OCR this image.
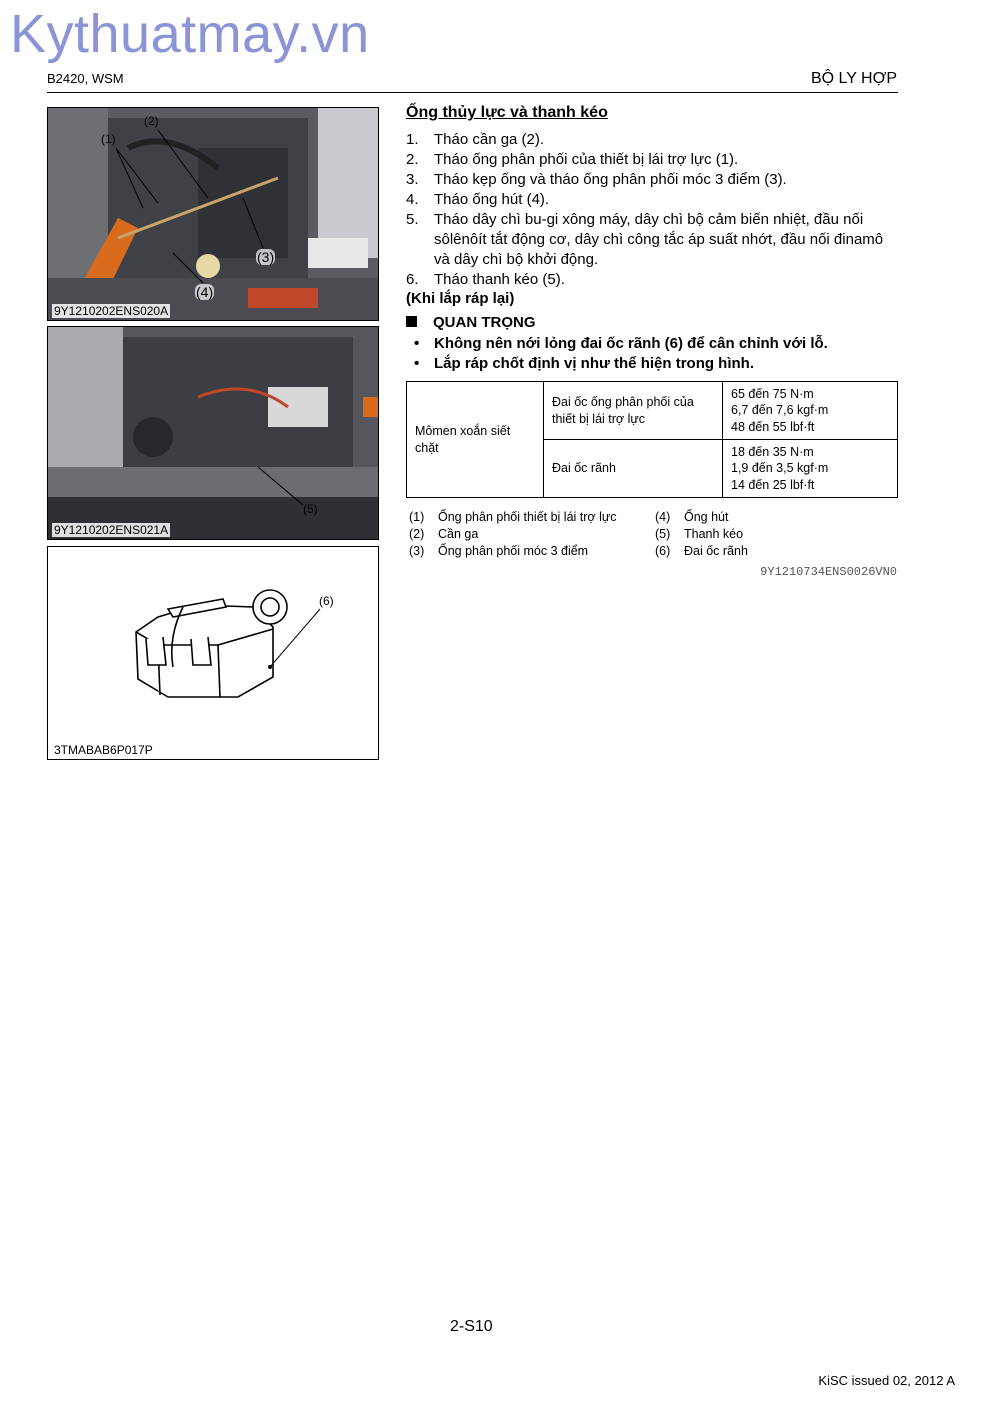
Kythuatmay.vn
B2420, WSM	BỘ LY HỢP
(1)
(2)
(3)
(4)
9Y1210202ENS020A
(5)
9Y1210202ENS021A
(6)
3TMABAB6P017P
Ống thủy lực và thanh kéo
1. Tháo cần ga (2).
2. Tháo ống phân phối của thiết bị lái trợ lực (1).
3. Tháo kẹp ống và tháo ống phân phối móc 3 điểm (3).
4. Tháo ống hút (4).
5. Tháo dây chì bu-gi xông máy, dây chì bộ cảm biến nhiệt, đầu nối sôlênôít tắt động cơ, dây chì công tắc áp suất nhớt, đầu nối đinamô và dây chì bộ khởi động.
6. Tháo thanh kéo (5).
(Khi lắp ráp lại)
QUAN TRỌNG
• Không nên nới lỏng đai ốc rãnh (6) để cân chỉnh với lỗ.
• Lắp ráp chốt định vị như thể hiện trong hình.
Mômen xoắn siết chặt	Đai ốc ống phân phối của thiết bị lái trợ lực	65 đến 75 N·m
6,7 đến 7,6 kgf·m
48 đến 55 lbf·ft

	Đai ốc rãnh	18 đến 35 N·m
1,9 đến 3,5 kgf·m
14 đến 25 lbf·ft
(1) Ống phân phối thiết bị lái trợ lực	(4) Ống hút
(2) Cần ga	(5) Thanh kéo
(3) Ống phân phối móc 3 điểm	(6) Đai ốc rãnh
9Y1210734ENS0026VN0
2-S10
KiSC issued 02, 2012 A
